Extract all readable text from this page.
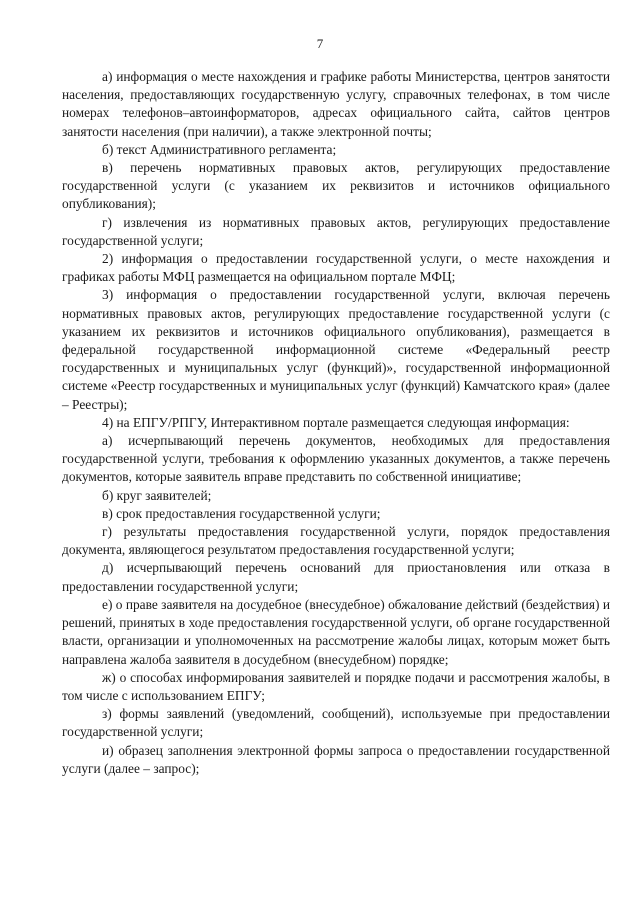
7

а) информация о месте нахождения и графике работы Министерства, центров занятости населения, предоставляющих государственную услугу, справочных телефонах, в том числе номерах телефонов–автоинформаторов, адресах официального сайта, сайтов центров занятости населения (при наличии), а также электронной почты;

б) текст Административного регламента;

в) перечень нормативных правовых актов, регулирующих предоставление государственной услуги (с указанием их реквизитов и источников официального опубликования);

г) извлечения из нормативных правовых актов, регулирующих предоставление государственной услуги;

2) информация о предоставлении государственной услуги, о месте нахождения и графиках работы МФЦ размещается на официальном портале МФЦ;

3) информация о предоставлении государственной услуги, включая перечень нормативных правовых актов, регулирующих предоставление государственной услуги (с указанием их реквизитов и источников официального опубликования), размещается в федеральной государственной информационной системе «Федеральный реестр государственных и муниципальных услуг (функций)», государственной информационной системе «Реестр государственных и муниципальных услуг (функций) Камчатского края» (далее – Реестры);

4) на ЕПГУ/РПГУ, Интерактивном портале размещается следующая информация:

а) исчерпывающий перечень документов, необходимых для предоставления государственной услуги, требования к оформлению указанных документов, а также перечень документов, которые заявитель вправе представить по собственной инициативе;

б) круг заявителей;

в) срок предоставления государственной услуги;

г) результаты предоставления государственной услуги, порядок предоставления документа, являющегося результатом предоставления государственной услуги;

д) исчерпывающий перечень оснований для приостановления или отказа в предоставлении государственной услуги;

е) о праве заявителя на досудебное (внесудебное) обжалование действий (бездействия) и решений, принятых в ходе предоставления государственной услуги, об органе государственной власти, организации и уполномоченных на рассмотрение жалобы лицах, которым может быть направлена жалоба заявителя в досудебном (внесудебном) порядке;

ж) о способах информирования заявителей и порядке подачи и рассмотрения жалобы, в том числе с использованием ЕПГУ;

з) формы заявлений (уведомлений, сообщений), используемые при предоставлении государственной услуги;

и) образец заполнения электронной формы запроса о предоставлении государственной услуги (далее – запрос);
